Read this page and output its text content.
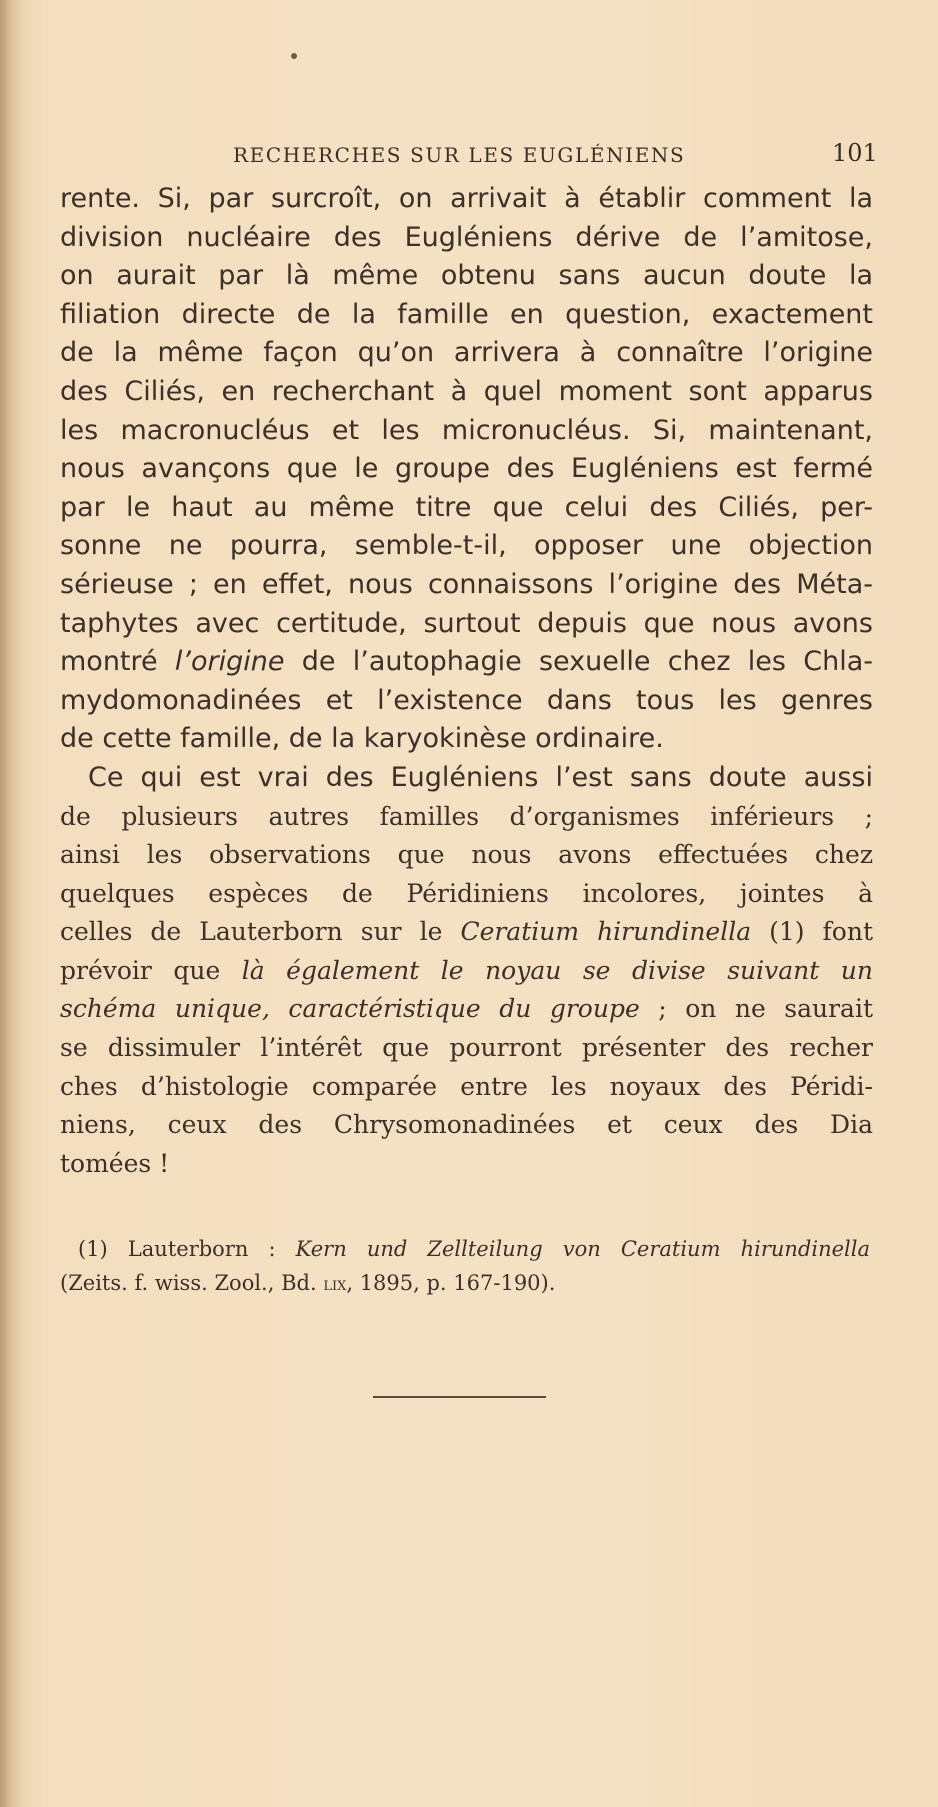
RECHERCHES SUR LES EUGLÉNIENS	101
rente. Si, par surcroît, on arrivait à établir comment la
division nucléaire des Eugléniens dérive de l’amitose,
on aurait par là même obtenu sans aucun doute la
filiation directe de la famille en question, exactement
de la même façon qu’on arrivera à connaître l’origine
des Ciliés, en recherchant à quel moment sont apparus
les macronucléus et les micronucléus. Si, maintenant,
nous avançons que le groupe des Eugléniens est fermé
par le haut au même titre que celui des Ciliés, per-
sonne ne pourra, semble-t-il, opposer une objection
sérieuse ; en effet, nous connaissons l’origine des Méta-
taphytes avec certitude, surtout depuis que nous avons
montré l’origine de l’autophagie sexuelle chez les Chla-
mydomonadinées et l’existence dans tous les genres
de cette famille, de la karyokinèse ordinaire.
Ce qui est vrai des Eugléniens l’est sans doute aussi
de plusieurs autres familles d’organismes inférieurs ;
ainsi les observations que nous avons effectuées chez
quelques espèces de Péridiniens incolores, jointes à
celles de Lauterborn sur le Ceratium hirundinella (1) font
prévoir que là également le noyau se divise suivant un
schéma unique, caractéristique du groupe ; on ne saurait
se dissimuler l’intérêt que pourront présenter des recher
ches d’histologie comparée entre les noyaux des Péridi-
niens, ceux des Chrysomonadinées et ceux des Dia
tomées !
(1) Lauterborn : Kern und Zellteilung von Ceratium hirundinella
(Zeits. f. wiss. Zool., Bd. lix, 1895, p. 167-190).
